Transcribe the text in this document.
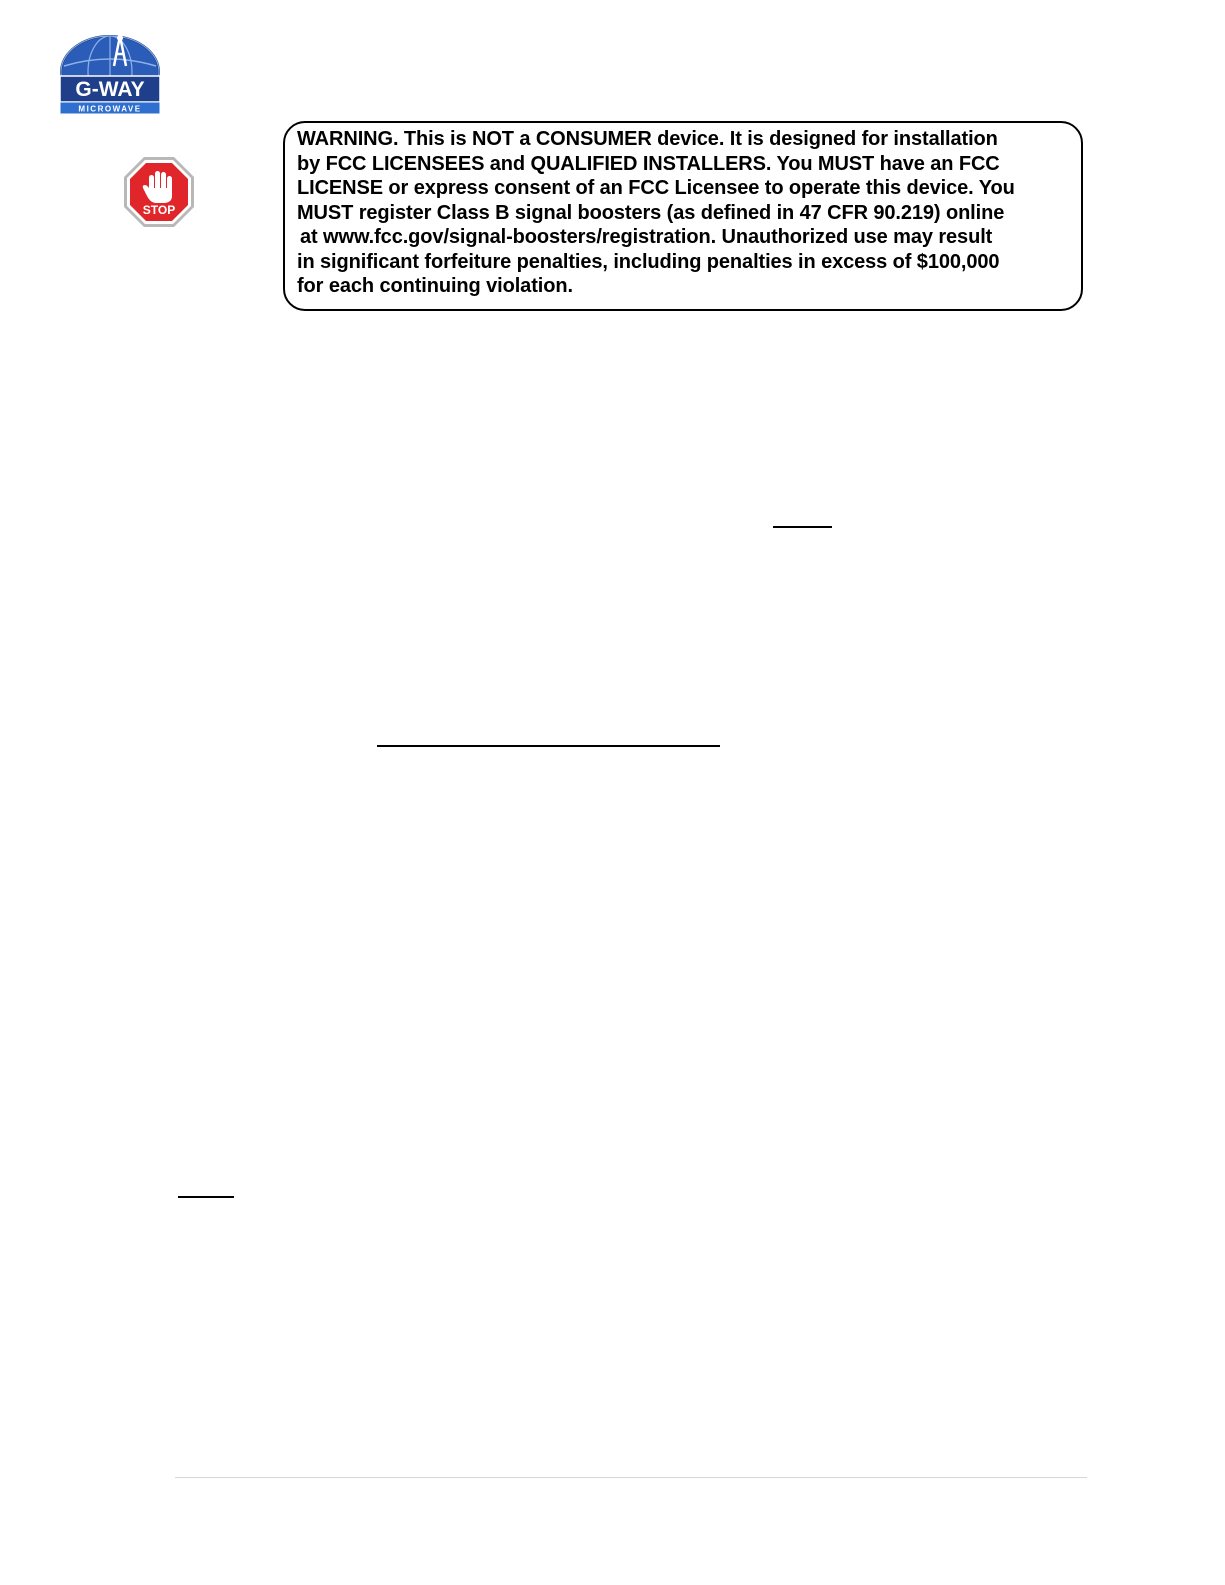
G-WAY
MICROWAVE
STOP
WARNING. This is NOT a CONSUMER device. It is designed for installation
by FCC LICENSEES and QUALIFIED INSTALLERS. You MUST have an FCC
LICENSE or express consent of an FCC Licensee to operate this device. You
MUST register Class B signal boosters (as defined in 47 CFR 90.219) online
at www.fcc.gov/signal-boosters/registration. Unauthorized use may result
in significant forfeiture penalties, including penalties in excess of $100,000
for each continuing violation.
